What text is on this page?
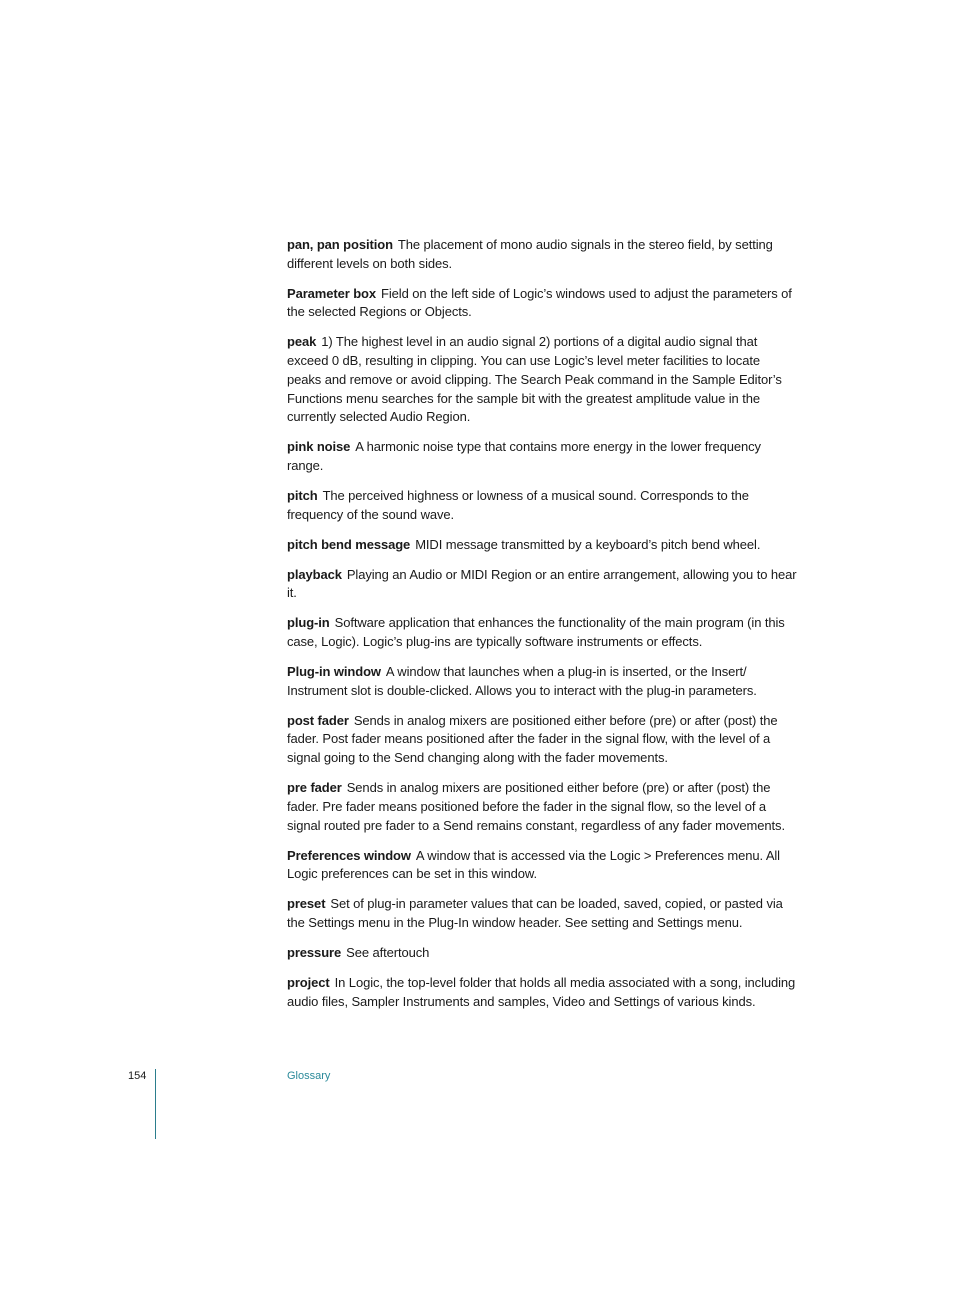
pan, pan position The placement of mono audio signals in the stereo field, by setting different levels on both sides.

Parameter box Field on the left side of Logic’s windows used to adjust the parameters of the selected Regions or Objects.

peak 1) The highest level in an audio signal 2) portions of a digital audio signal that exceed 0 dB, resulting in clipping. You can use Logic’s level meter facilities to locate peaks and remove or avoid clipping. The Search Peak command in the Sample Editor’s Functions menu searches for the sample bit with the greatest amplitude value in the currently selected Audio Region.

pink noise A harmonic noise type that contains more energy in the lower frequency range.

pitch The perceived highness or lowness of a musical sound. Corresponds to the frequency of the sound wave.

pitch bend message MIDI message transmitted by a keyboard’s pitch bend wheel.

playback Playing an Audio or MIDI Region or an entire arrangement, allowing you to hear it.

plug-in Software application that enhances the functionality of the main program (in this case, Logic). Logic’s plug-ins are typically software instruments or effects.

Plug-in window A window that launches when a plug-in is inserted, or the Insert/ Instrument slot is double-clicked. Allows you to interact with the plug-in parameters.

post fader Sends in analog mixers are positioned either before (pre) or after (post) the fader. Post fader means positioned after the fader in the signal flow, with the level of a signal going to the Send changing along with the fader movements.

pre fader Sends in analog mixers are positioned either before (pre) or after (post) the fader. Pre fader means positioned before the fader in the signal flow, so the level of a signal routed pre fader to a Send remains constant, regardless of any fader movements.

Preferences window A window that is accessed via the Logic > Preferences menu. All Logic preferences can be set in this window.

preset Set of plug-in parameter values that can be loaded, saved, copied, or pasted via the Settings menu in the Plug-In window header. See setting and Settings menu.

pressure See aftertouch

project In Logic, the top-level folder that holds all media associated with a song, including audio files, Sampler Instruments and samples, Video and Settings of various kinds.

154	Glossary
